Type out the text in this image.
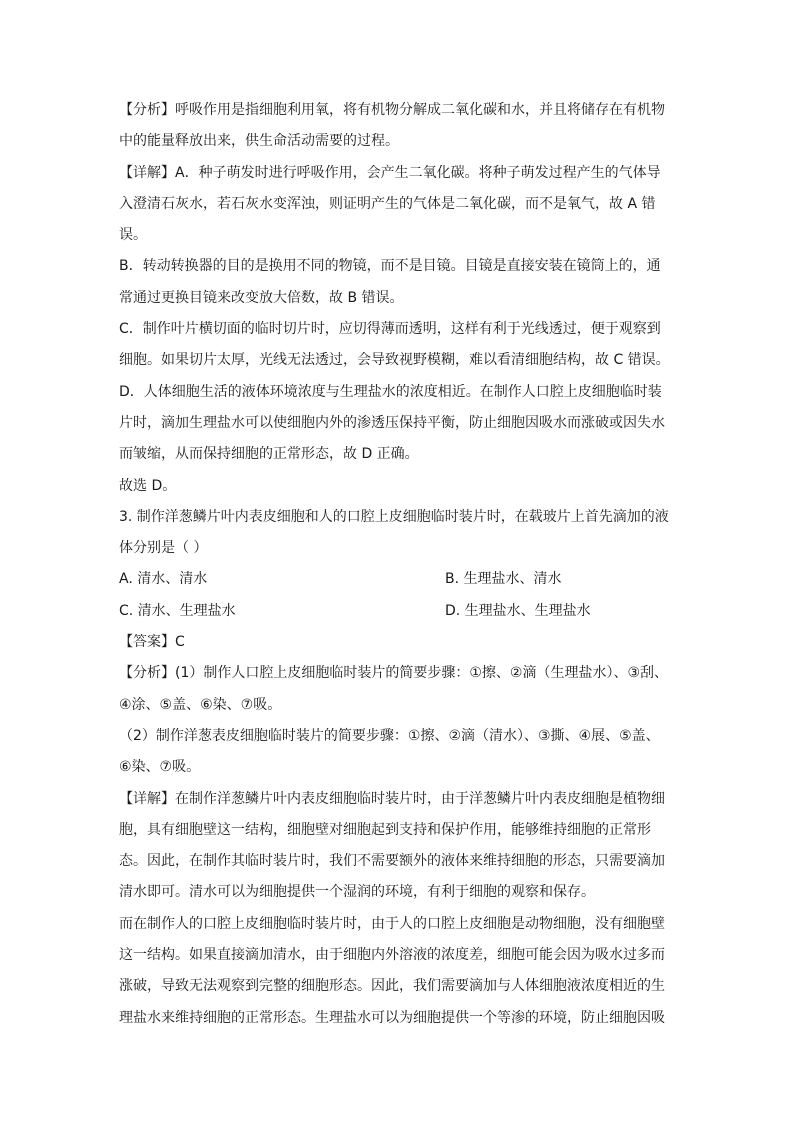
【分析】呼吸作用是指细胞利用氧，将有机物分解成二氧化碳和水，并且将储存在有机物
中的能量释放出来，供生命活动需要的过程。
【详解】A．种子萌发时进行呼吸作用，会产生二氧化碳。将种子萌发过程产生的气体导
入澄清石灰水，若石灰水变浑浊，则证明产生的气体是二氧化碳，而不是氧气，故 A 错
误。
B．转动转换器的目的是换用不同的物镜，而不是目镜。目镜是直接安装在镜筒上的，通
常通过更换目镜来改变放大倍数，故 B 错误。
C．制作叶片横切面的临时切片时，应切得薄而透明，这样有利于光线透过，便于观察到
细胞。如果切片太厚，光线无法透过，会导致视野模糊，难以看清细胞结构，故 C 错误。
D．人体细胞生活的液体环境浓度与生理盐水的浓度相近。在制作人口腔上皮细胞临时装
片时，滴加生理盐水可以使细胞内外的渗透压保持平衡，防止细胞因吸水而涨破或因失水
而皱缩，从而保持细胞的正常形态，故 D 正确。
故选 D。
3. 制作洋葱鳞片叶内表皮细胞和人的口腔上皮细胞临时装片时，在载玻片上首先滴加的液
体分别是（ ）
A. 清水、清水	B. 生理盐水、清水
C. 清水、生理盐水	D. 生理盐水、生理盐水
【答案】C
【分析】(1）制作人口腔上皮细胞临时装片的简要步骤：①擦、②滴（生理盐水）、③刮、
④涂、⑤盖、⑥染、⑦吸。
（2）制作洋葱表皮细胞临时装片的简要步骤：①擦、②滴（清水）、③撕、④展、⑤盖、
⑥染、⑦吸。
【详解】在制作洋葱鳞片叶内表皮细胞临时装片时，由于洋葱鳞片叶内表皮细胞是植物细
胞，具有细胞壁这一结构，细胞壁对细胞起到支持和保护作用，能够维持细胞的正常形
态。因此，在制作其临时装片时，我们不需要额外的液体来维持细胞的形态，只需要滴加
清水即可。清水可以为细胞提供一个湿润的环境，有利于细胞的观察和保存。
而在制作人的口腔上皮细胞临时装片时，由于人的口腔上皮细胞是动物细胞，没有细胞壁
这一结构。如果直接滴加清水，由于细胞内外溶液的浓度差，细胞可能会因为吸水过多而
涨破，导致无法观察到完整的细胞形态。因此，我们需要滴加与人体细胞液浓度相近的生
理盐水来维持细胞的正常形态。生理盐水可以为细胞提供一个等渗的环境，防止细胞因吸
